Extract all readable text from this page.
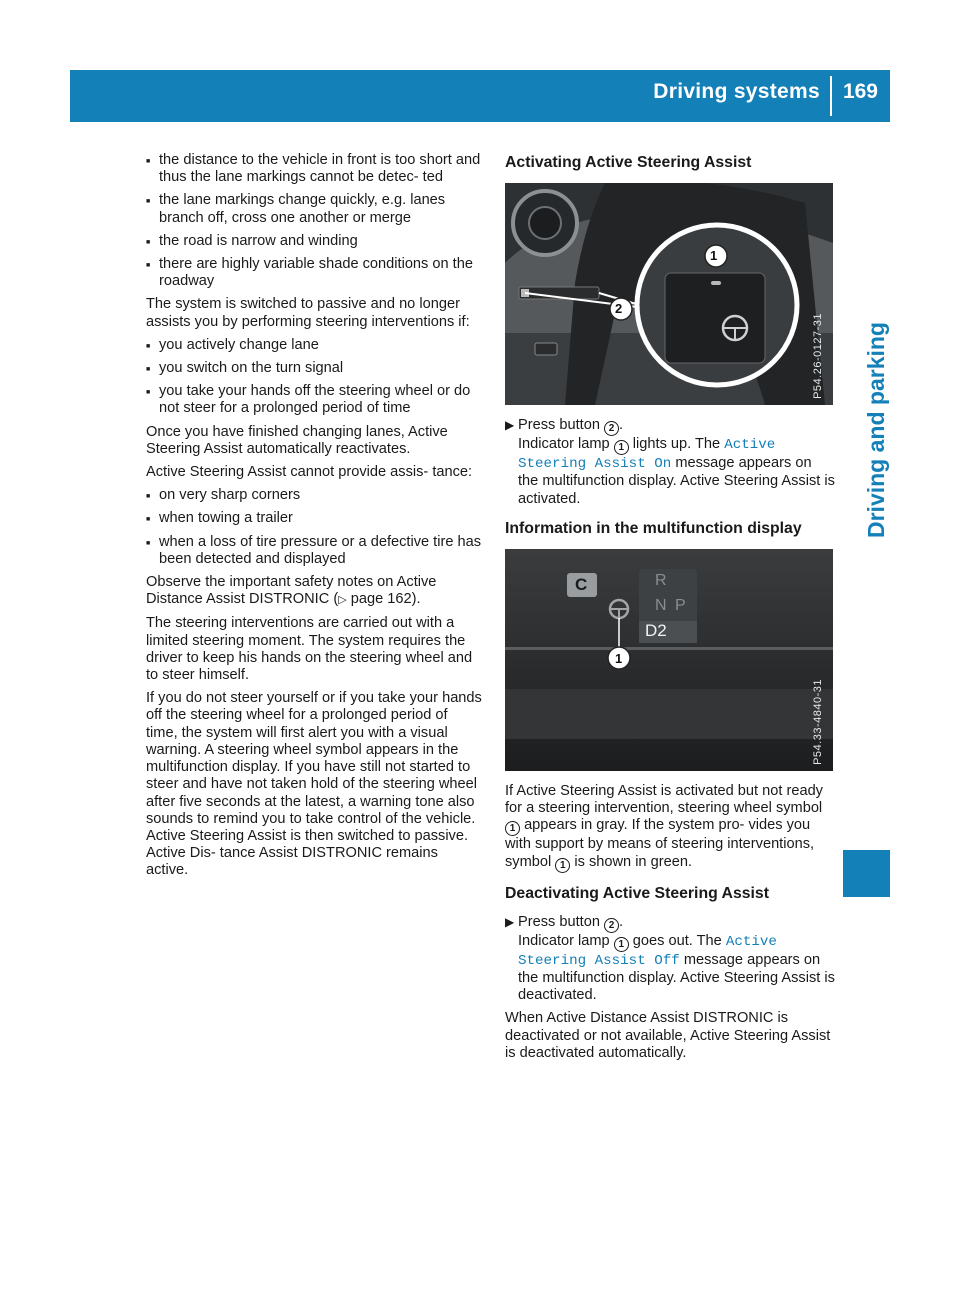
Driving systems 169
Driving and parking
■ the distance to the vehicle in front is too short and thus the lane markings cannot be detec- ted
■ the lane markings change quickly, e.g. lanes branch off, cross one another or merge
■ the road is narrow and winding
■ there are highly variable shade conditions on the roadway

The system is switched to passive and no longer assists you by performing steering interventions if:

■ you actively change lane
■ you switch on the turn signal
■ you take your hands off the steering wheel or do not steer for a prolonged period of time

Once you have finished changing lanes, Active Steering Assist automatically reactivates.

Active Steering Assist cannot provide assis- tance:

■ on very sharp corners
■ when towing a trailer
■ when a loss of tire pressure or a defective tire has been detected and displayed

Observe the important safety notes on Active Distance Assist DISTRONIC (▷ page 162).

The steering interventions are carried out with a limited steering moment. The system requires the driver to keep his hands on the steering wheel and to steer himself.

If you do not steer yourself or if you take your hands off the steering wheel for a prolonged period of time, the system will first alert you with a visual warning. A steering wheel symbol appears in the multifunction display. If you have still not started to steer and have not taken hold of the steering wheel after five seconds at the latest, a warning tone also sounds to remind you to take control of the vehicle. Active Steering Assist is then switched to passive. Active Dis- tance Assist DISTRONIC remains active.

Activating Active Steering Assist
1
2
P54.26-0127-31
▶ Press button 2 .
Indicator lamp 1 lights up. The Active Steering Assist On message appears on the multifunction display. Active Steering Assist is activated.
Information in the multifunction display
C	R
N P
D2
1
P54.33-4840-31

If Active Steering Assist is activated but not ready for a steering intervention, steering wheel symbol 1 appears in gray. If the system pro- vides you with support by means of steering interventions, symbol 1 is shown in green.

Deactivating Active Steering Assist
▶ Press button 2 .
Indicator lamp 1 goes out. The Active Steering Assist Off message appears on the multifunction display. Active Steering Assist is deactivated.

When Active Distance Assist DISTRONIC is deactivated or not available, Active Steering Assist is deactivated automatically.
